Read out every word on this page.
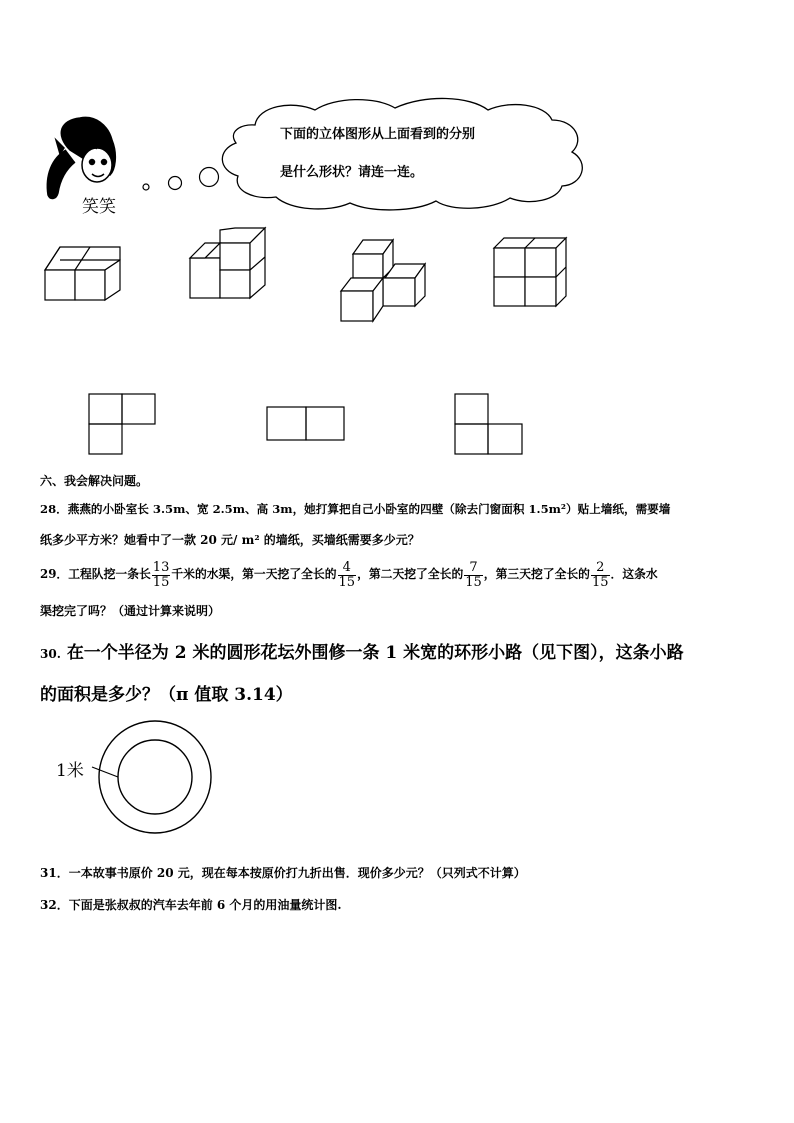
下面的立体图形从上面看到的分别
是什么形状？请连一连。
笑笑
六、我会解决问题。
28．燕燕的小卧室长 3.5m、宽 2.5m、高 3m，她打算把自己小卧室的四壁（除去门窗面积 1.5m²）贴上墙纸，需要墙
纸多少平方米？她看中了一款 20 元/ m² 的墙纸，买墙纸需要多少元？
29．工程队挖一条长 $\frac{13}{15}$ 千米的水渠，第一天挖了全长的 $\frac{4}{15}$ ，第二天挖了全长的 $\frac{7}{15}$ ，第三天挖了全长的 $\frac{2}{15}$ ．这条水
渠挖完了吗？（通过计算来说明）
30. 在一个半径为 2 米的圆形花坛外围修一条 1 米宽的环形小路（见下图），这条小路
的面积是多少？（π 值取 3.14）
1米
31．一本故事书原价 20 元，现在每本按原价打九折出售．现价多少元？（只列式不计算）
32．下面是张叔叔的汽车去年前 6 个月的用油量统计图.
